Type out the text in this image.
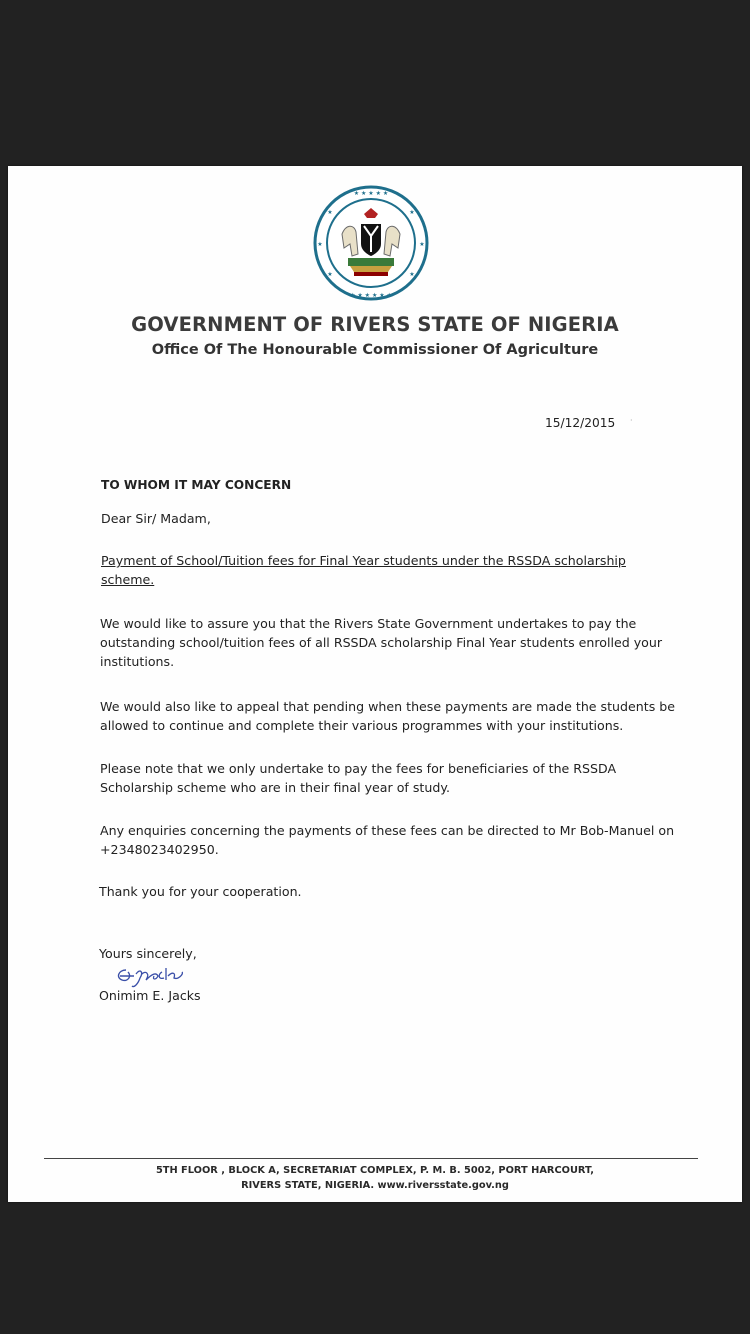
★ ★ ★ ★ ★
★ ★ ★ ★ ★ ★
★	★
★	★
★	★
GOVERNMENT OF RIVERS STATE OF NIGERIA
Office Of The Honourable Commissioner Of Agriculture
15/12/2015 ·
TO WHOM IT MAY CONCERN
Dear Sir/ Madam,
Payment of School/Tuition fees for Final Year students under the RSSDA scholarship
scheme.
We would like to assure you that the Rivers State Government undertakes to pay the
outstanding school/tuition fees of all RSSDA scholarship Final Year students enrolled your
institutions.
We would also like to appeal that pending when these payments are made the students be
allowed to continue and complete their various programmes with your institutions.
Please note that we only undertake to pay the fees for beneficiaries of the RSSDA
Scholarship scheme who are in their final year of study.
Any enquiries concerning the payments of these fees can be directed to Mr Bob-Manuel on
+2348023402950.
Thank you for your cooperation.
Yours sincerely,
Onimim E. Jacks
5TH FLOOR , BLOCK A, SECRETARIAT COMPLEX, P. M. B. 5002, PORT HARCOURT,
RIVERS STATE, NIGERIA. www.riversstate.gov.ng
